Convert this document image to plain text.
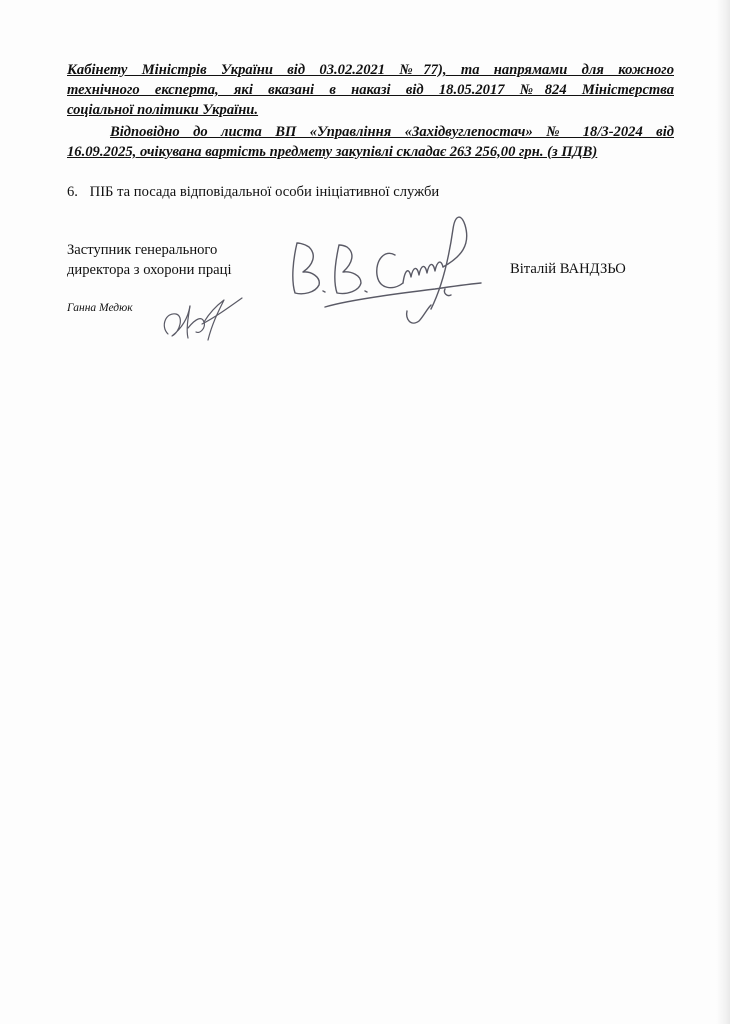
Кабінету Міністрів України від 03.02.2021 №77), та напрямами для кожного
технічного експерта, які вказані в наказі від 18.05.2017 №824 Міністерства
соціальної політики України.

Відповідно до листа ВП «Управління «Західвуглепостач» № 18/3-2024 від
16.09.2025, очікувана вартість предмету закупівлі складає 263 256,00 грн. (з ПДВ)

6. ПІБ та посада відповідальної особи ініціативної служби

Заступник генерального
директора з охорони праці	Віталій ВАНДЗЬО

Ганна Медюк
